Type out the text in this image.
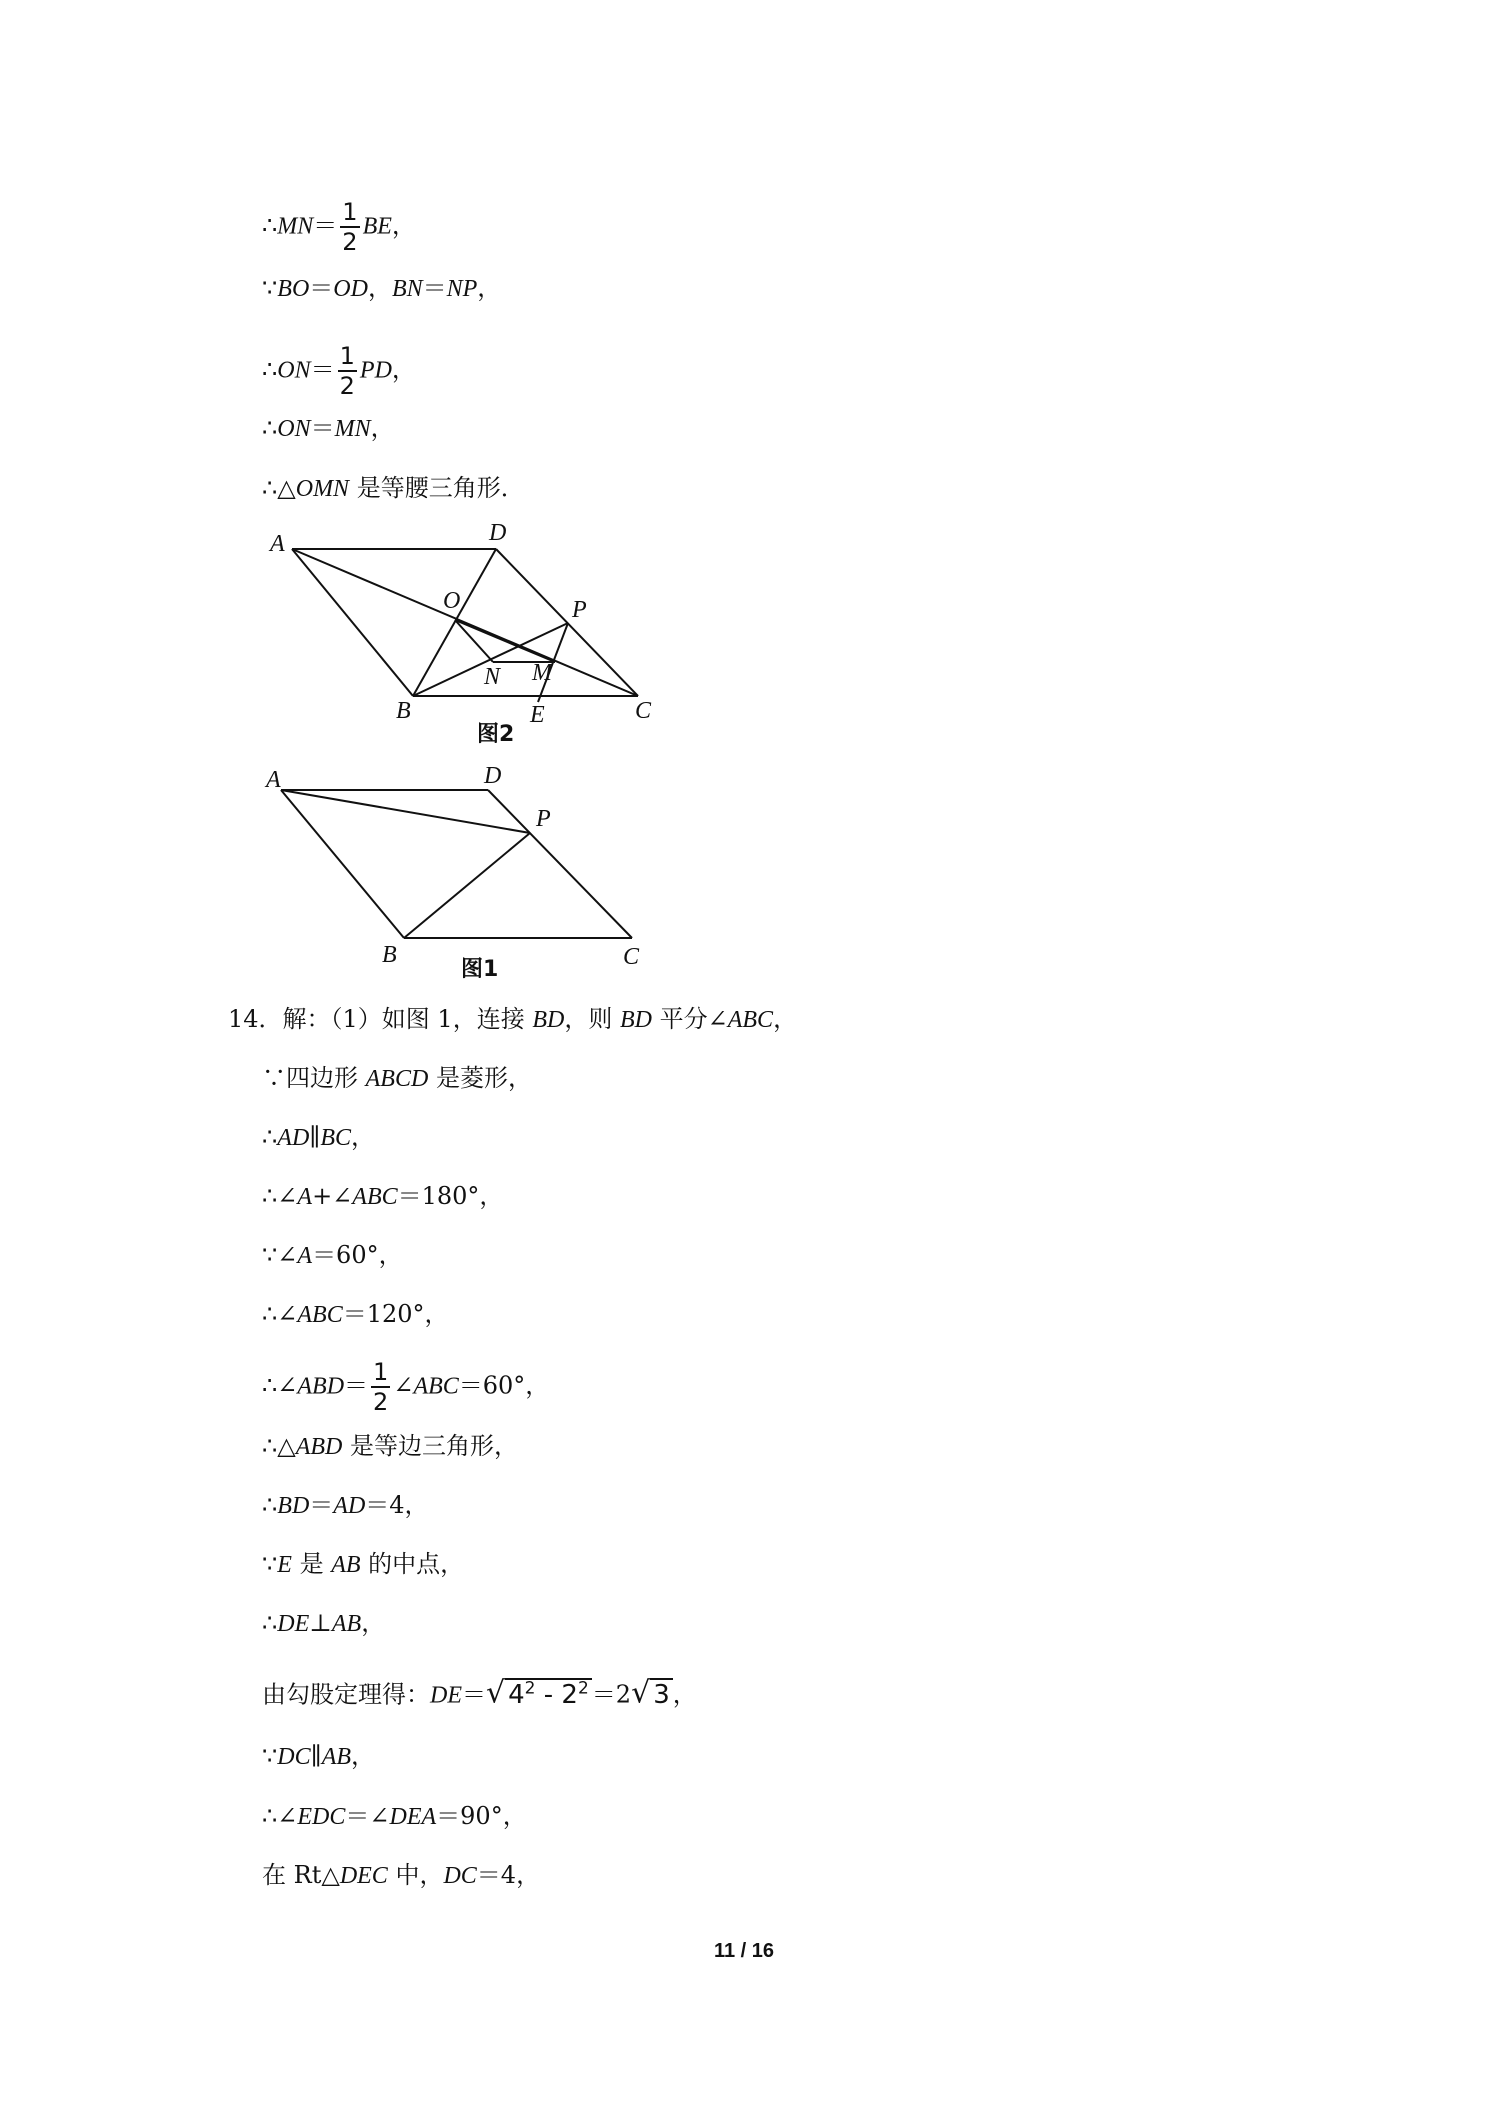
∴MN＝ $\frac{1}{2}$ BE，
∵BO＝OD，BN＝NP，
∴ON＝ $\frac{1}{2}$ PD，
∴ON＝MN，
∴△OMN 是等腰三角形．
A	D
O	P
N M
B	E	C
图2
A	D
P
B	C
图1
14．解：（1）如图 1，连接 BD，则 BD 平分∠ABC，
∵四边形 ABCD 是菱形，
∴AD∥BC，
∴∠A+∠ABC＝180°，
∵∠A＝60°，
∴∠ABC＝120°，
∴∠ABD＝ $\frac{1}{2}$ ∠ABC＝60°，
∴△ABD 是等边三角形，
∴BD＝AD＝4，
∵E 是 AB 的中点，
∴DE⊥AB，
由勾股定理得：DE＝√ $4^2 - 2^2 =2√$ 3 ，
∵DC∥AB，
∴∠EDC＝∠DEA＝90°，
在 Rt△DEC 中，DC＝4，
11 / 16
